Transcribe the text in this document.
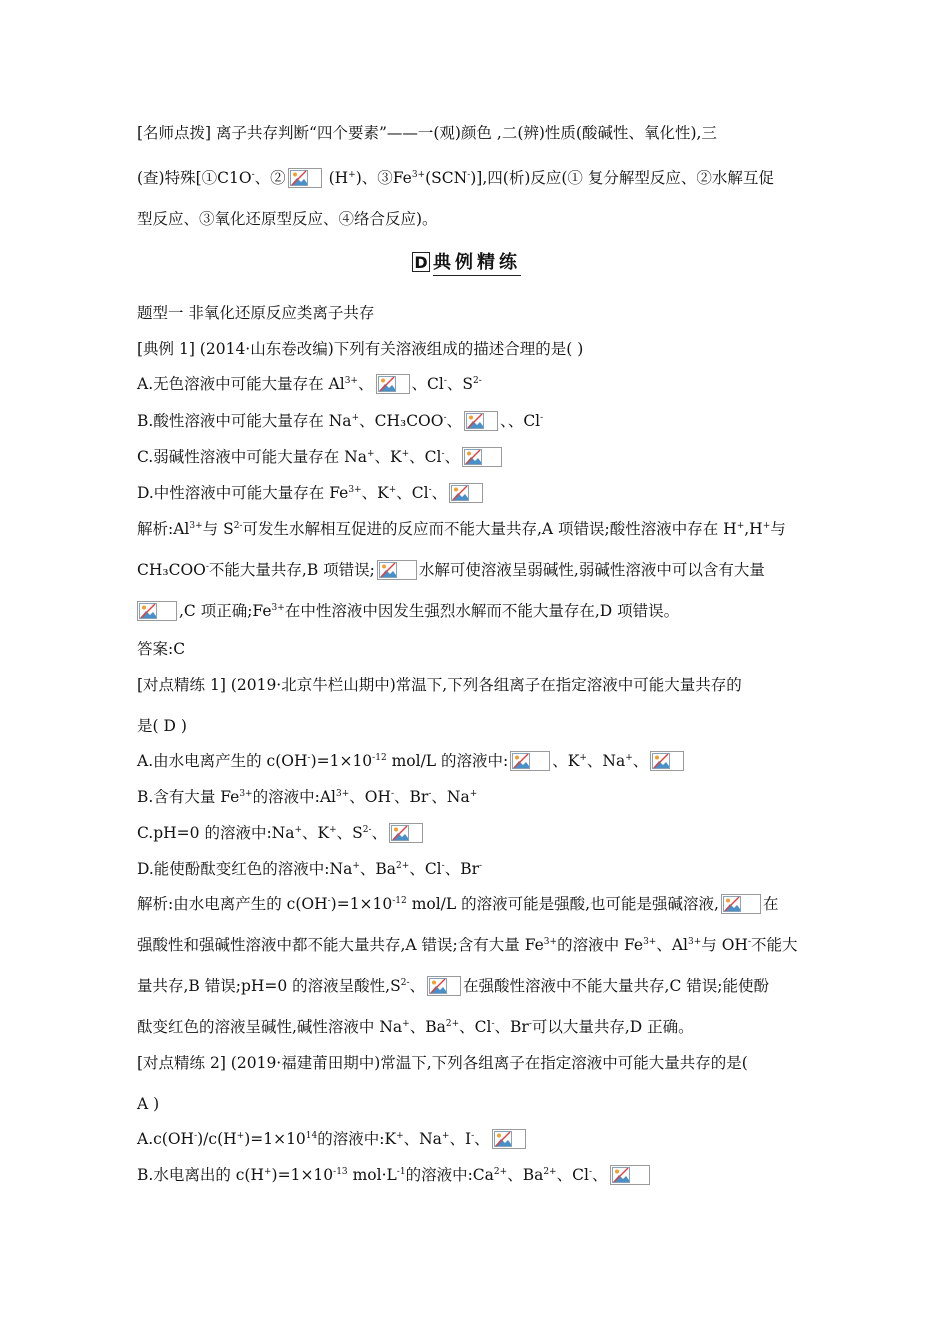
[名师点拨] 离子共存判断“四个要素”——一(观)颜色 ,二(辨)性质(酸碱性、氧化性),三
(查)特殊[①C1O-、②
(H+)、$③Fe^{3+}(SCN^-)$],四(析)反应(① 复分解型反应、②水解互促
型反应、③氧化还原型反应、④络合反应)。
D 典例精练
题型一 非氧化还原反应类离子共存
[典例 1] (2014·山东卷改编)下列有关溶液组成的描述合理的是( )
A.无色溶液中可能大量存在 $Al^{3+}$、 、Cl-、$S^{2-}$
B.酸性溶液中可能大量存在 Na+、CH₃COO-、 、、Cl-
C.弱碱性溶液中可能大量存在 Na+、K+、Cl-、
D.中性溶液中可能大量存在 $Fe^{3+}$、K+、Cl-、
解析$:Al^{3+}$与 $S^{2-}$可发生水解相互促进的反应而不能大量共存,A 项错误;酸性溶液中存在 H+,H+与
CH₃COO-不能大量共存,B 项错误;	水解可使溶液呈弱碱性,弱碱性溶液中可以含有大量
,C 项正确$;Fe^{3+}$在中性溶液中因发生强烈水解而不能大量存在,D 项错误。
答案:C
[对点精练 1] (2019·北京牛栏山期中)常温下,下列各组离子在指定溶液中可能大量共存的
是( D )
A.由水电离产生的 $c(OH^-)=1\times 10^{-12}$ mol/L 的溶液中:	、K+、Na+、
B.含有大量 $Fe^{3+}$的溶液中$:Al^{3+}$、OH-、Br-、Na+
C.pH=0 的溶液中:Na+、K+、$S^{2-}$、
D.能使酚酞变红色的溶液中:Na+、$Ba^{2+}$、Cl-、Br-
解析:由水电离产生的 $c(OH^-)=1\times 10^{-12}$ mol/L 的溶液可能是强酸,也可能是强碱溶液,	在
强酸性和强碱性溶液中都不能大量共存,A 错误;含有大量 $Fe^{3+}$的溶液中 $Fe^{3+}$、$Al^{3+}$与 OH-不能大
量共存,B 错误;pH=0 的溶液呈酸性$,S^{2-}$、 在强酸性溶液中不能大量共存,C 错误;能使酚
酞变红色的溶液呈碱性,碱性溶液中 Na+、$Ba^{2+}$、Cl-、Br-可以大量共存,D 正确。
[对点精练 2] (2019·福建莆田期中)常温下,下列各组离子在指定溶液中可能大量共存的是(
A )
$A.c(OH^-)/c(H^+)=1\times 10^{14}$的溶液中:K+、Na+、I-、
B.水电离出的 $c(H^+)=1\times 10^{-13}$ $mol\cdot L^{-1}$的溶液中$:Ca^{2+}$、$Ba^{2+}$、Cl-、
